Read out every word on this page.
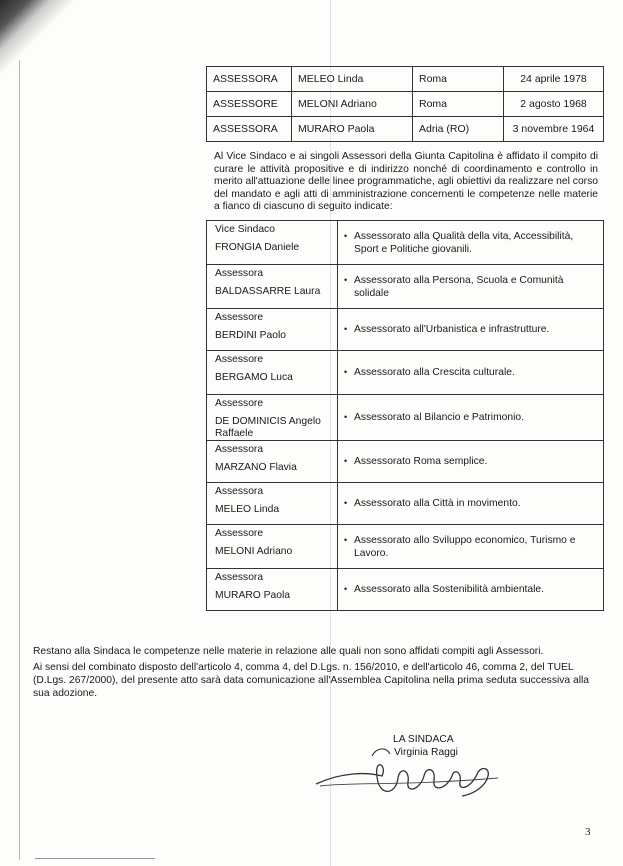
ASSESSORA	MELEO Linda	Roma	24 aprile 1978
ASSESSORE	MELONI Adriano	Roma	2 agosto 1968
ASSESSORA	MURARO Paola	Adria (RO)	3 novembre 1964

Al Vice Sindaco e ai singoli Assessori della Giunta Capitolina è affidato il compito di curare le attività propositive e di indirizzo nonché di coordinamento e controllo in merito all'attuazione delle linee programmatiche, agli obiettivi da realizzare nel corso del mandato e agli atti di amministrazione concernenti le competenze nelle materie a fianco di ciascuno di seguito indicate:

Vice Sindaco
FRONGIA Daniele	• Assessorato alla Qualità della vita, Accessibilità, Sport e Politiche giovanili.

Assessora
BALDASSARRE Laura	• Assessorato alla Persona, Scuola e Comunità solidale

Assessore
BERDINI Paolo	• Assessorato all'Urbanistica e infrastrutture.

Assessore
BERGAMO Luca	• Assessorato alla Crescita culturale.

Assessore
DE DOMINICIS Angelo Raffaele	• Assessorato al Bilancio e Patrimonio.

Assessora
MARZANO Flavia	• Assessorato Roma semplice.

Assessora
MELEO Linda	• Assessorato alla Città in movimento.

Assessore
MELONI Adriano	• Assessorato allo Sviluppo economico, Turismo e Lavoro.

Assessora
MURARO Paola	• Assessorato alla Sostenibilità ambientale.

Restano alla Sindaca le competenze nelle materie in relazione alle quali non sono affidati compiti agli Assessori.

Ai sensi del combinato disposto dell'articolo 4, comma 4, del D.Lgs. n. 156/2010, e dell'articolo 46, comma 2, del TUEL (D.Lgs. 267/2000), del presente atto sarà data comunicazione all'Assemblea Capitolina nella prima seduta successiva alla sua adozione.

LA SINDACA
Virginia Raggi
3
